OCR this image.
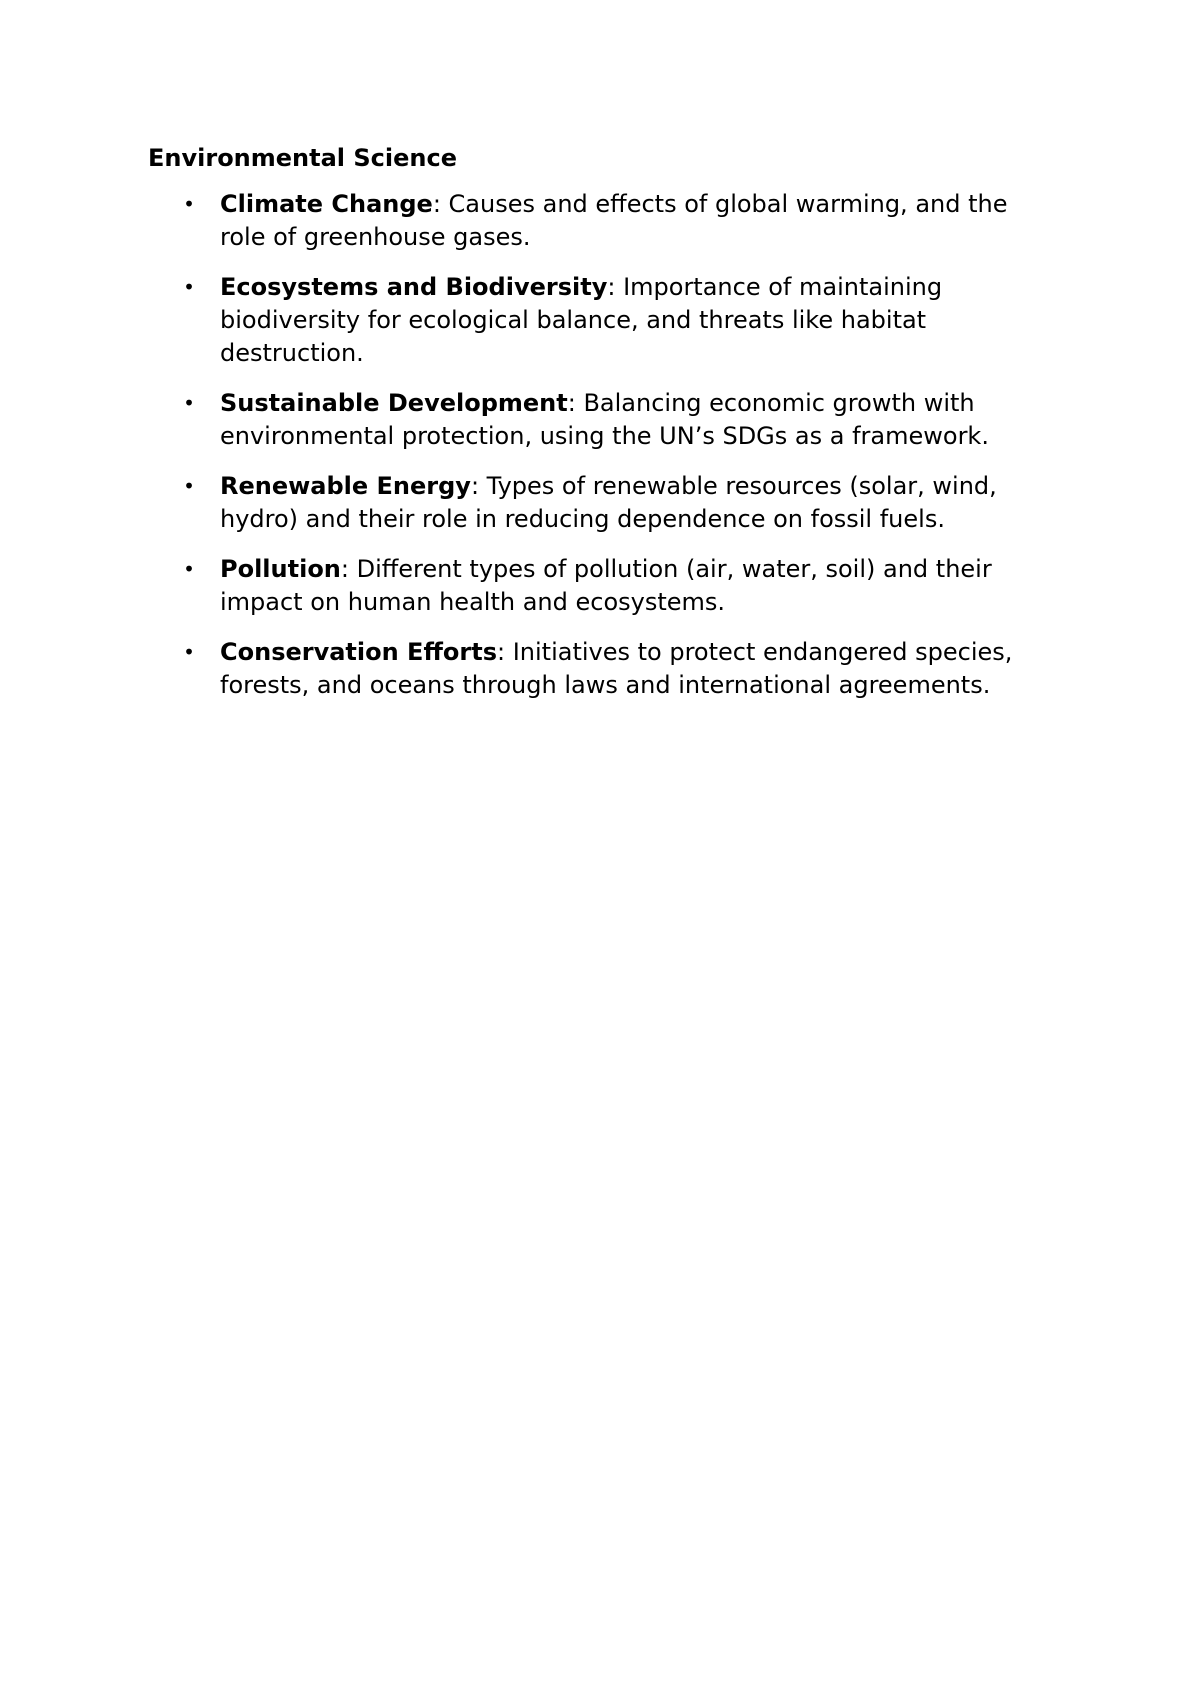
Environmental Science
• Climate Change: Causes and effects of global warming, and the role of greenhouse gases.
• Ecosystems and Biodiversity: Importance of maintaining biodiversity for ecological balance, and threats like habitat destruction.
• Sustainable Development: Balancing economic growth with environmental protection, using the UN’s SDGs as a framework.
• Renewable Energy: Types of renewable resources (solar, wind, hydro) and their role in reducing dependence on fossil fuels.
• Pollution: Different types of pollution (air, water, soil) and their impact on human health and ecosystems.
• Conservation Efforts: Initiatives to protect endangered species, forests, and oceans through laws and international agreements.
